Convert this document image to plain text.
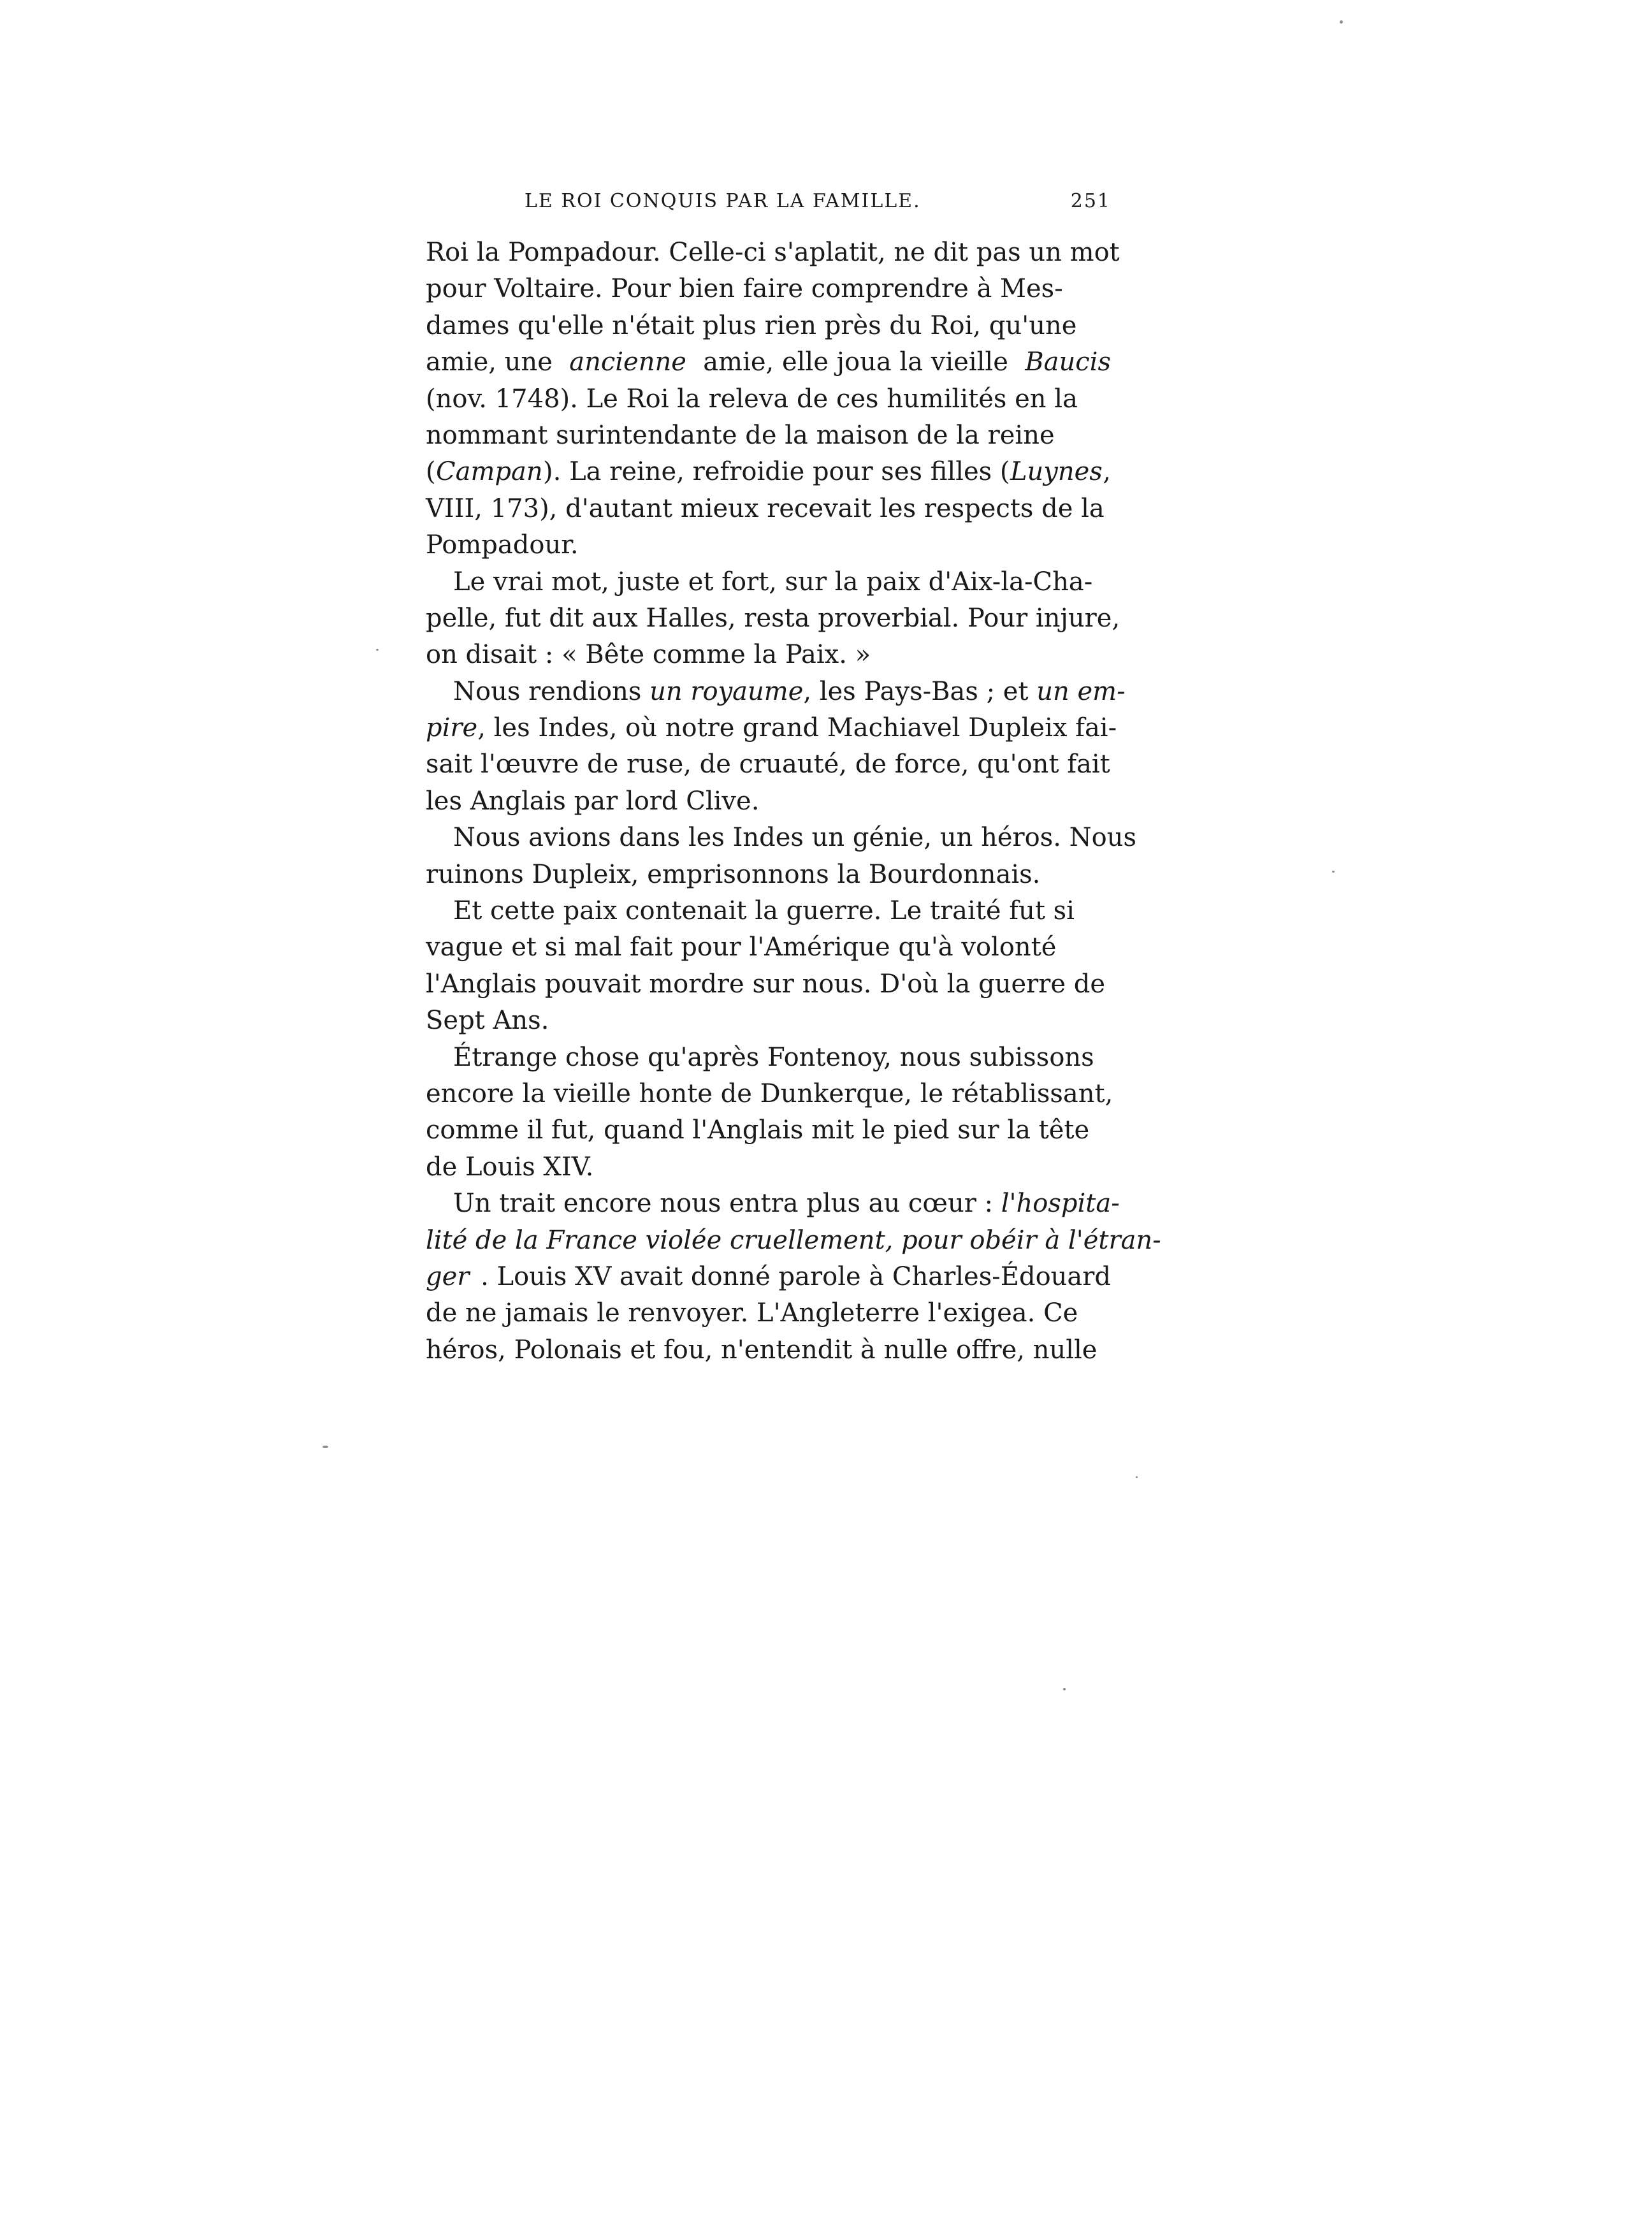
LE ROI CONQUIS PAR LA FAMILLE.	251
Roi la Pompadour. Celle-ci s'aplatit, ne dit pas un mot
pour Voltaire. Pour bien faire comprendre à Mes-
dames qu'elle n'était plus rien près du Roi, qu'une
amie, une ancienne amie, elle joua la vieille Baucis
(nov. 1748). Le Roi la releva de ces humilités en la
nommant surintendante de la maison de la reine
( Campan ). La reine, refroidie pour ses filles ( Luynes ,
VIII, 173), d'autant mieux recevait les respects de la
Pompadour.
Le vrai mot, juste et fort, sur la paix d'Aix-la-Cha-
pelle, fut dit aux Halles, resta proverbial. Pour injure,
on disait : « Bête comme la Paix. »
Nous rendions un royaume , les Pays-Bas ; et un em-
pire , les Indes, où notre grand Machiavel Dupleix fai-
sait l'œuvre de ruse, de cruauté, de force, qu'ont fait
les Anglais par lord Clive.
Nous avions dans les Indes un génie, un héros. Nous
ruinons Dupleix, emprisonnons la Bourdonnais.
Et cette paix contenait la guerre. Le traité fut si
vague et si mal fait pour l'Amérique qu'à volonté
l'Anglais pouvait mordre sur nous. D'où la guerre de
Sept Ans.
Étrange chose qu'après Fontenoy, nous subissons
encore la vieille honte de Dunkerque, le rétablissant,
comme il fut, quand l'Anglais mit le pied sur la tête
de Louis XIV.
Un trait encore nous entra plus au cœur : l'hospita-
lité de la France violée cruellement, pour obéir à l'étran-
ger . Louis XV avait donné parole à Charles-Édouard
de ne jamais le renvoyer. L'Angleterre l'exigea. Ce
héros, Polonais et fou, n'entendit à nulle offre, nulle
